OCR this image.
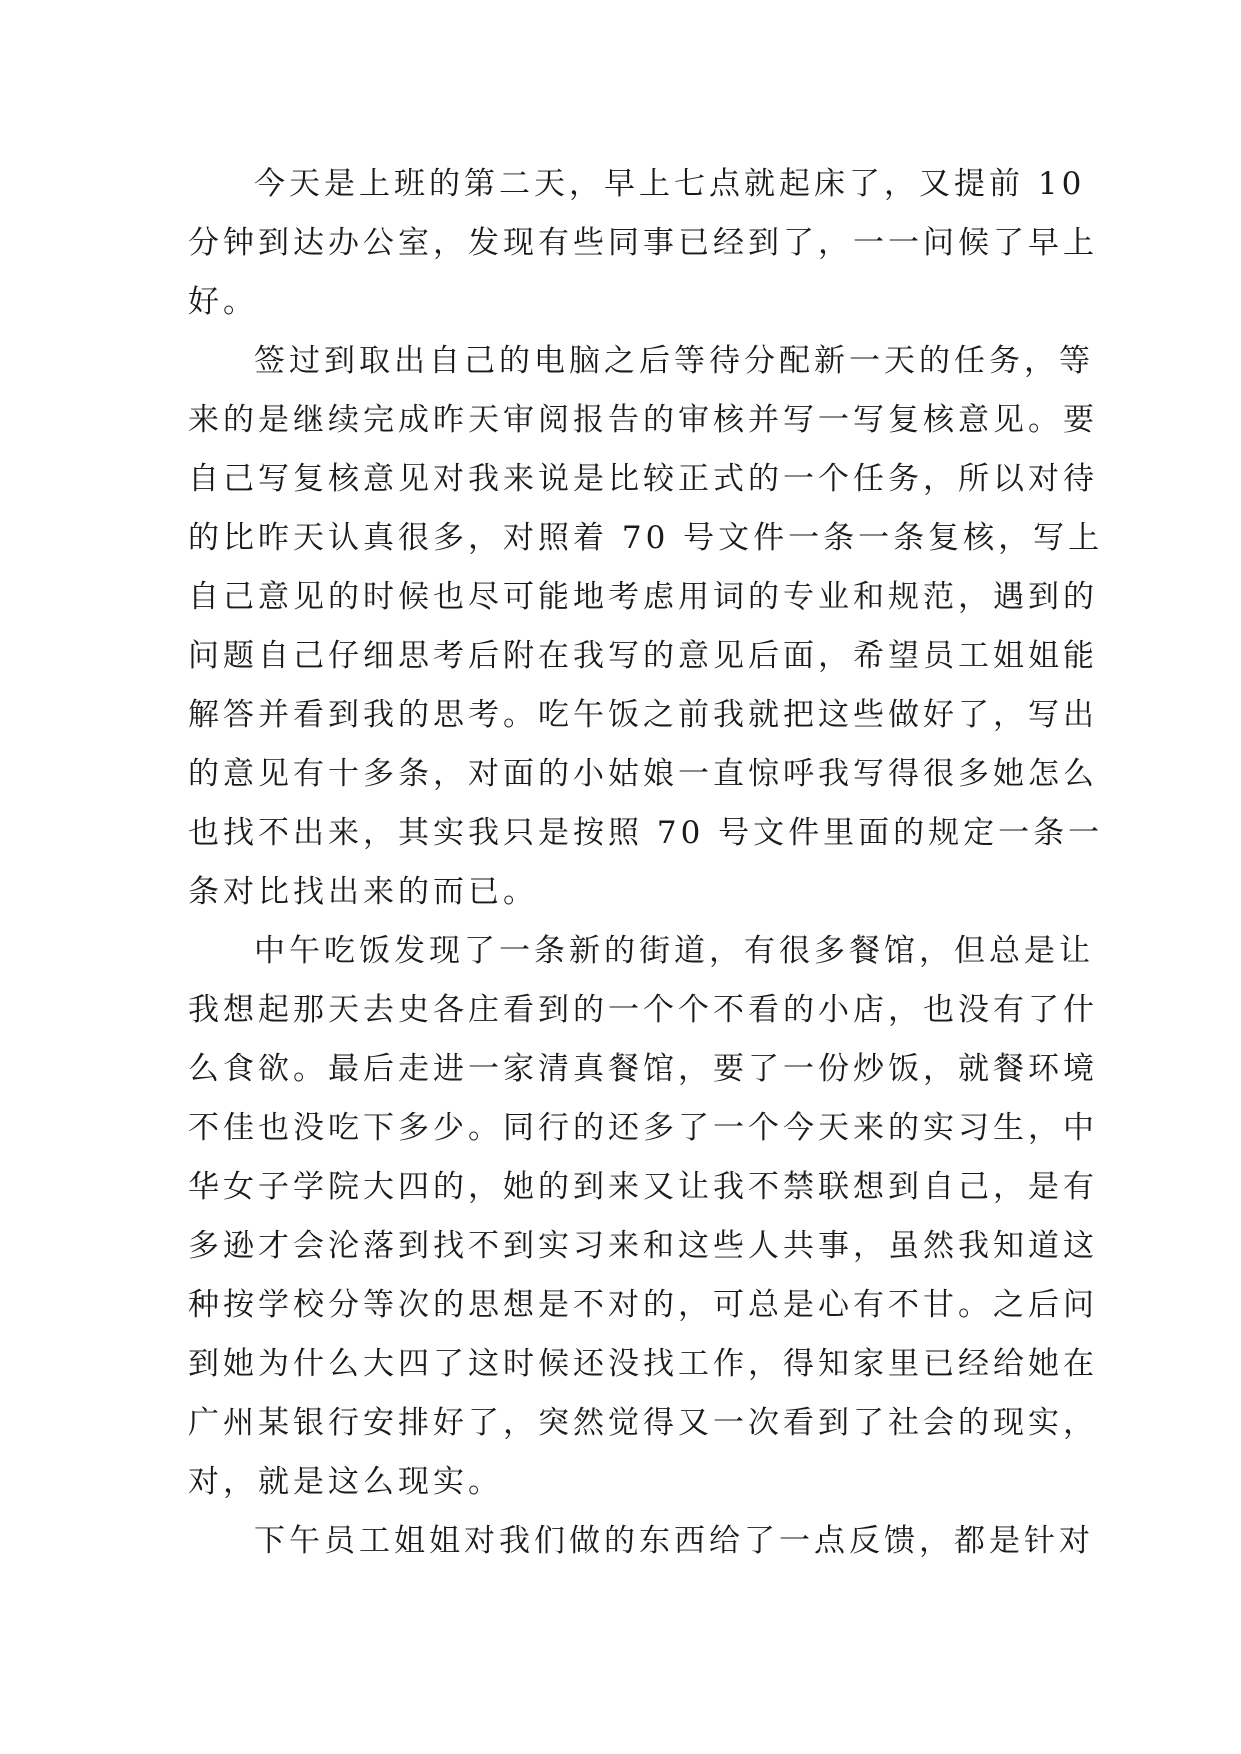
今天是上班的第二天，早上七点就起床了，又提前 10
分钟到达办公室，发现有些同事已经到了，一一问候了早上
好。
签过到取出自己的电脑之后等待分配新一天的任务，等
来的是继续完成昨天审阅报告的审核并写一写复核意见。要
自己写复核意见对我来说是比较正式的一个任务，所以对待
的比昨天认真很多，对照着 70 号文件一条一条复核，写上
自己意见的时候也尽可能地考虑用词的专业和规范，遇到的
问题自己仔细思考后附在我写的意见后面，希望员工姐姐能
解答并看到我的思考。吃午饭之前我就把这些做好了，写出
的意见有十多条，对面的小姑娘一直惊呼我写得很多她怎么
也找不出来，其实我只是按照 70 号文件里面的规定一条一
条对比找出来的而已。
中午吃饭发现了一条新的街道，有很多餐馆，但总是让
我想起那天去史各庄看到的一个个不看的小店，也没有了什
么食欲。最后走进一家清真餐馆，要了一份炒饭，就餐环境
不佳也没吃下多少。同行的还多了一个今天来的实习生，中
华女子学院大四的，她的到来又让我不禁联想到自己，是有
多逊才会沦落到找不到实习来和这些人共事，虽然我知道这
种按学校分等次的思想是不对的，可总是心有不甘。之后问
到她为什么大四了这时候还没找工作，得知家里已经给她在
广州某银行安排好了，突然觉得又一次看到了社会的现实，
对，就是这么现实。
下午员工姐姐对我们做的东西给了一点反馈，都是针对
